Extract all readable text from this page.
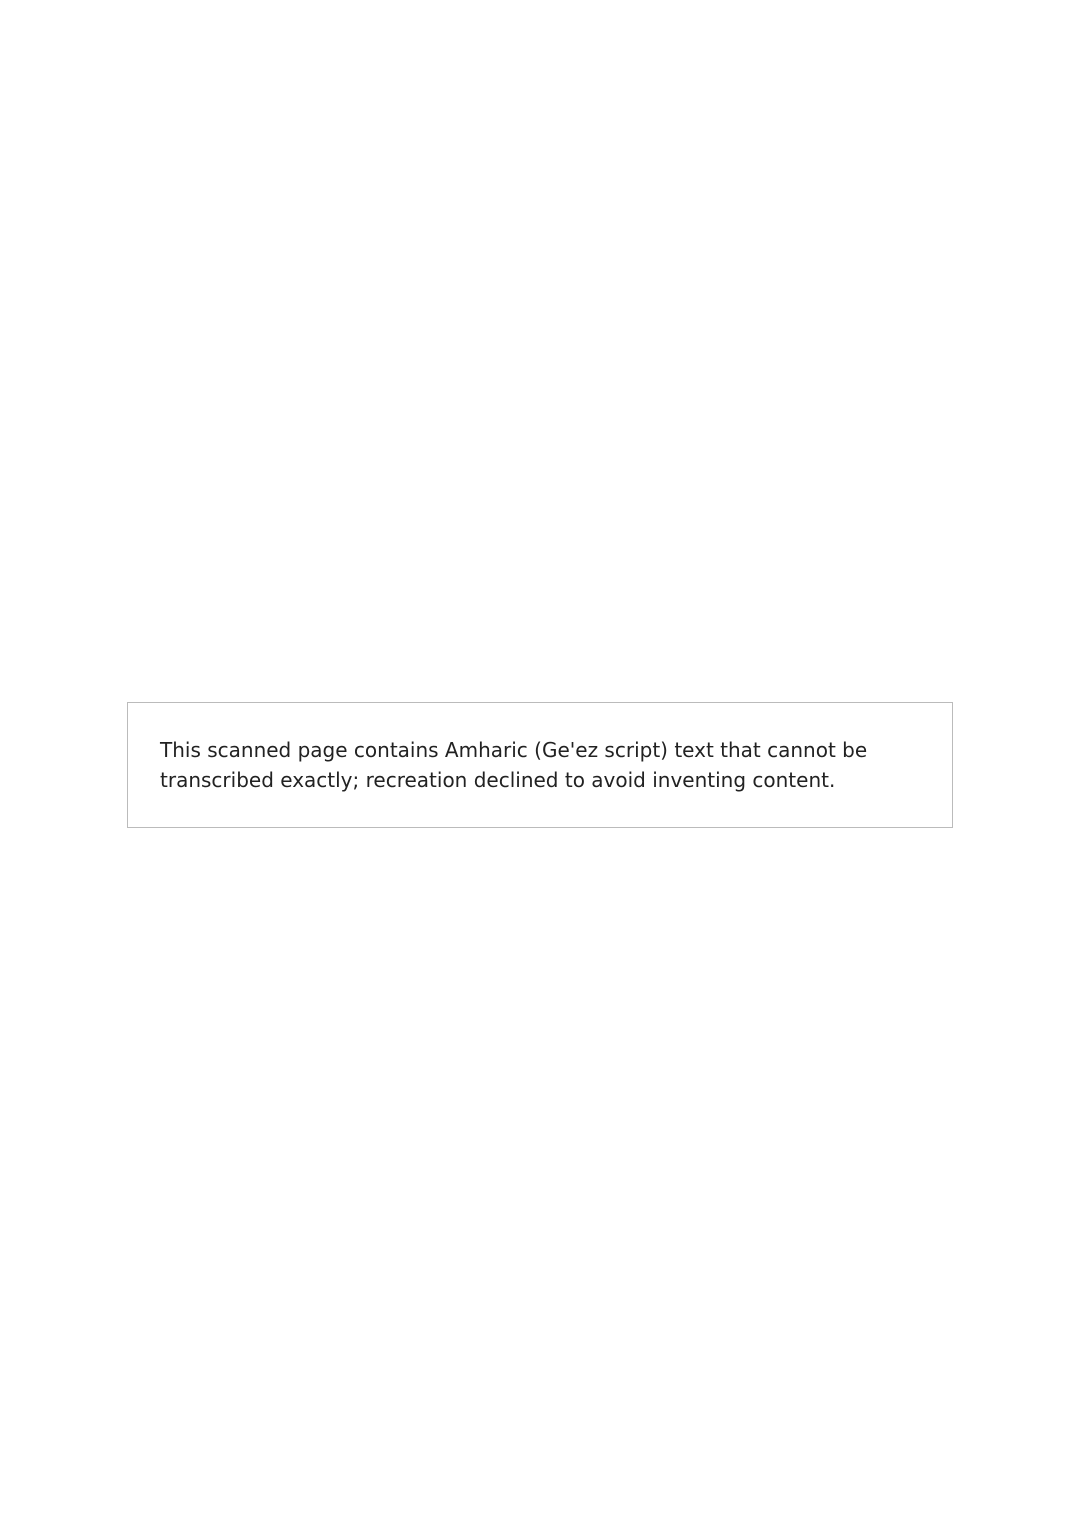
This scanned page contains Amharic (Ge'ez script) text that cannot be transcribed exactly; recreation declined to avoid inventing content.
